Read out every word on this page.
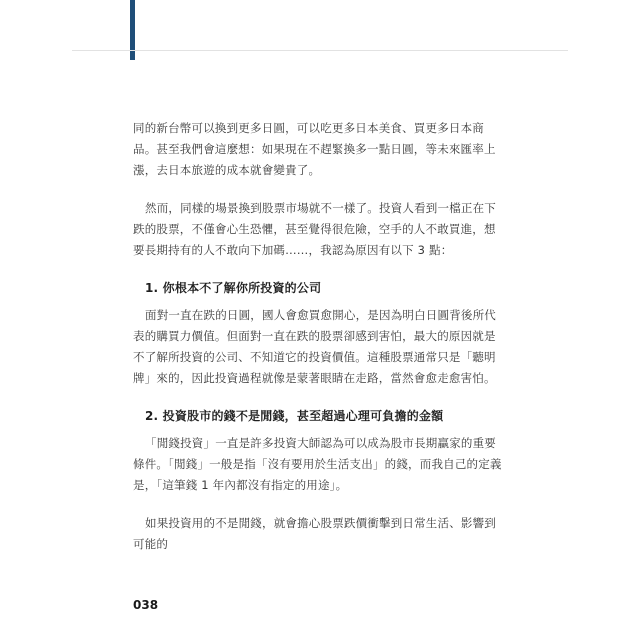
同的新台幣可以換到更多日圓，可以吃更多日本美食、買更多日本商品。甚至我們會這麼想：如果現在不趕緊換多一點日圓，等未來匯率上漲，去日本旅遊的成本就會變貴了。

然而，同樣的場景換到股票市場就不一樣了。投資人看到一檔正在下跌的股票，不僅會心生恐懼，甚至覺得很危險，空手的人不敢買進，想要長期持有的人不敢向下加碼……，我認為原因有以下 3 點：

1. 你根本不了解你所投資的公司

面對一直在跌的日圓，國人會愈買愈開心，是因為明白日圓背後所代表的購買力價值。但面對一直在跌的股票卻感到害怕，最大的原因就是不了解所投資的公司、不知道它的投資價值。這種股票通常只是「聽明牌」來的，因此投資過程就像是蒙著眼睛在走路，當然會愈走愈害怕。

2. 投資股市的錢不是閒錢，甚至超過心理可負擔的金額

「閒錢投資」一直是許多投資大師認為可以成為股市長期贏家的重要條件。「閒錢」一般是指「沒有要用於生活支出」的錢，而我自己的定義是，「這筆錢 1 年內都沒有指定的用途」。

如果投資用的不是閒錢，就會擔心股票跌價衝擊到日常生活、影響到可能的

038
